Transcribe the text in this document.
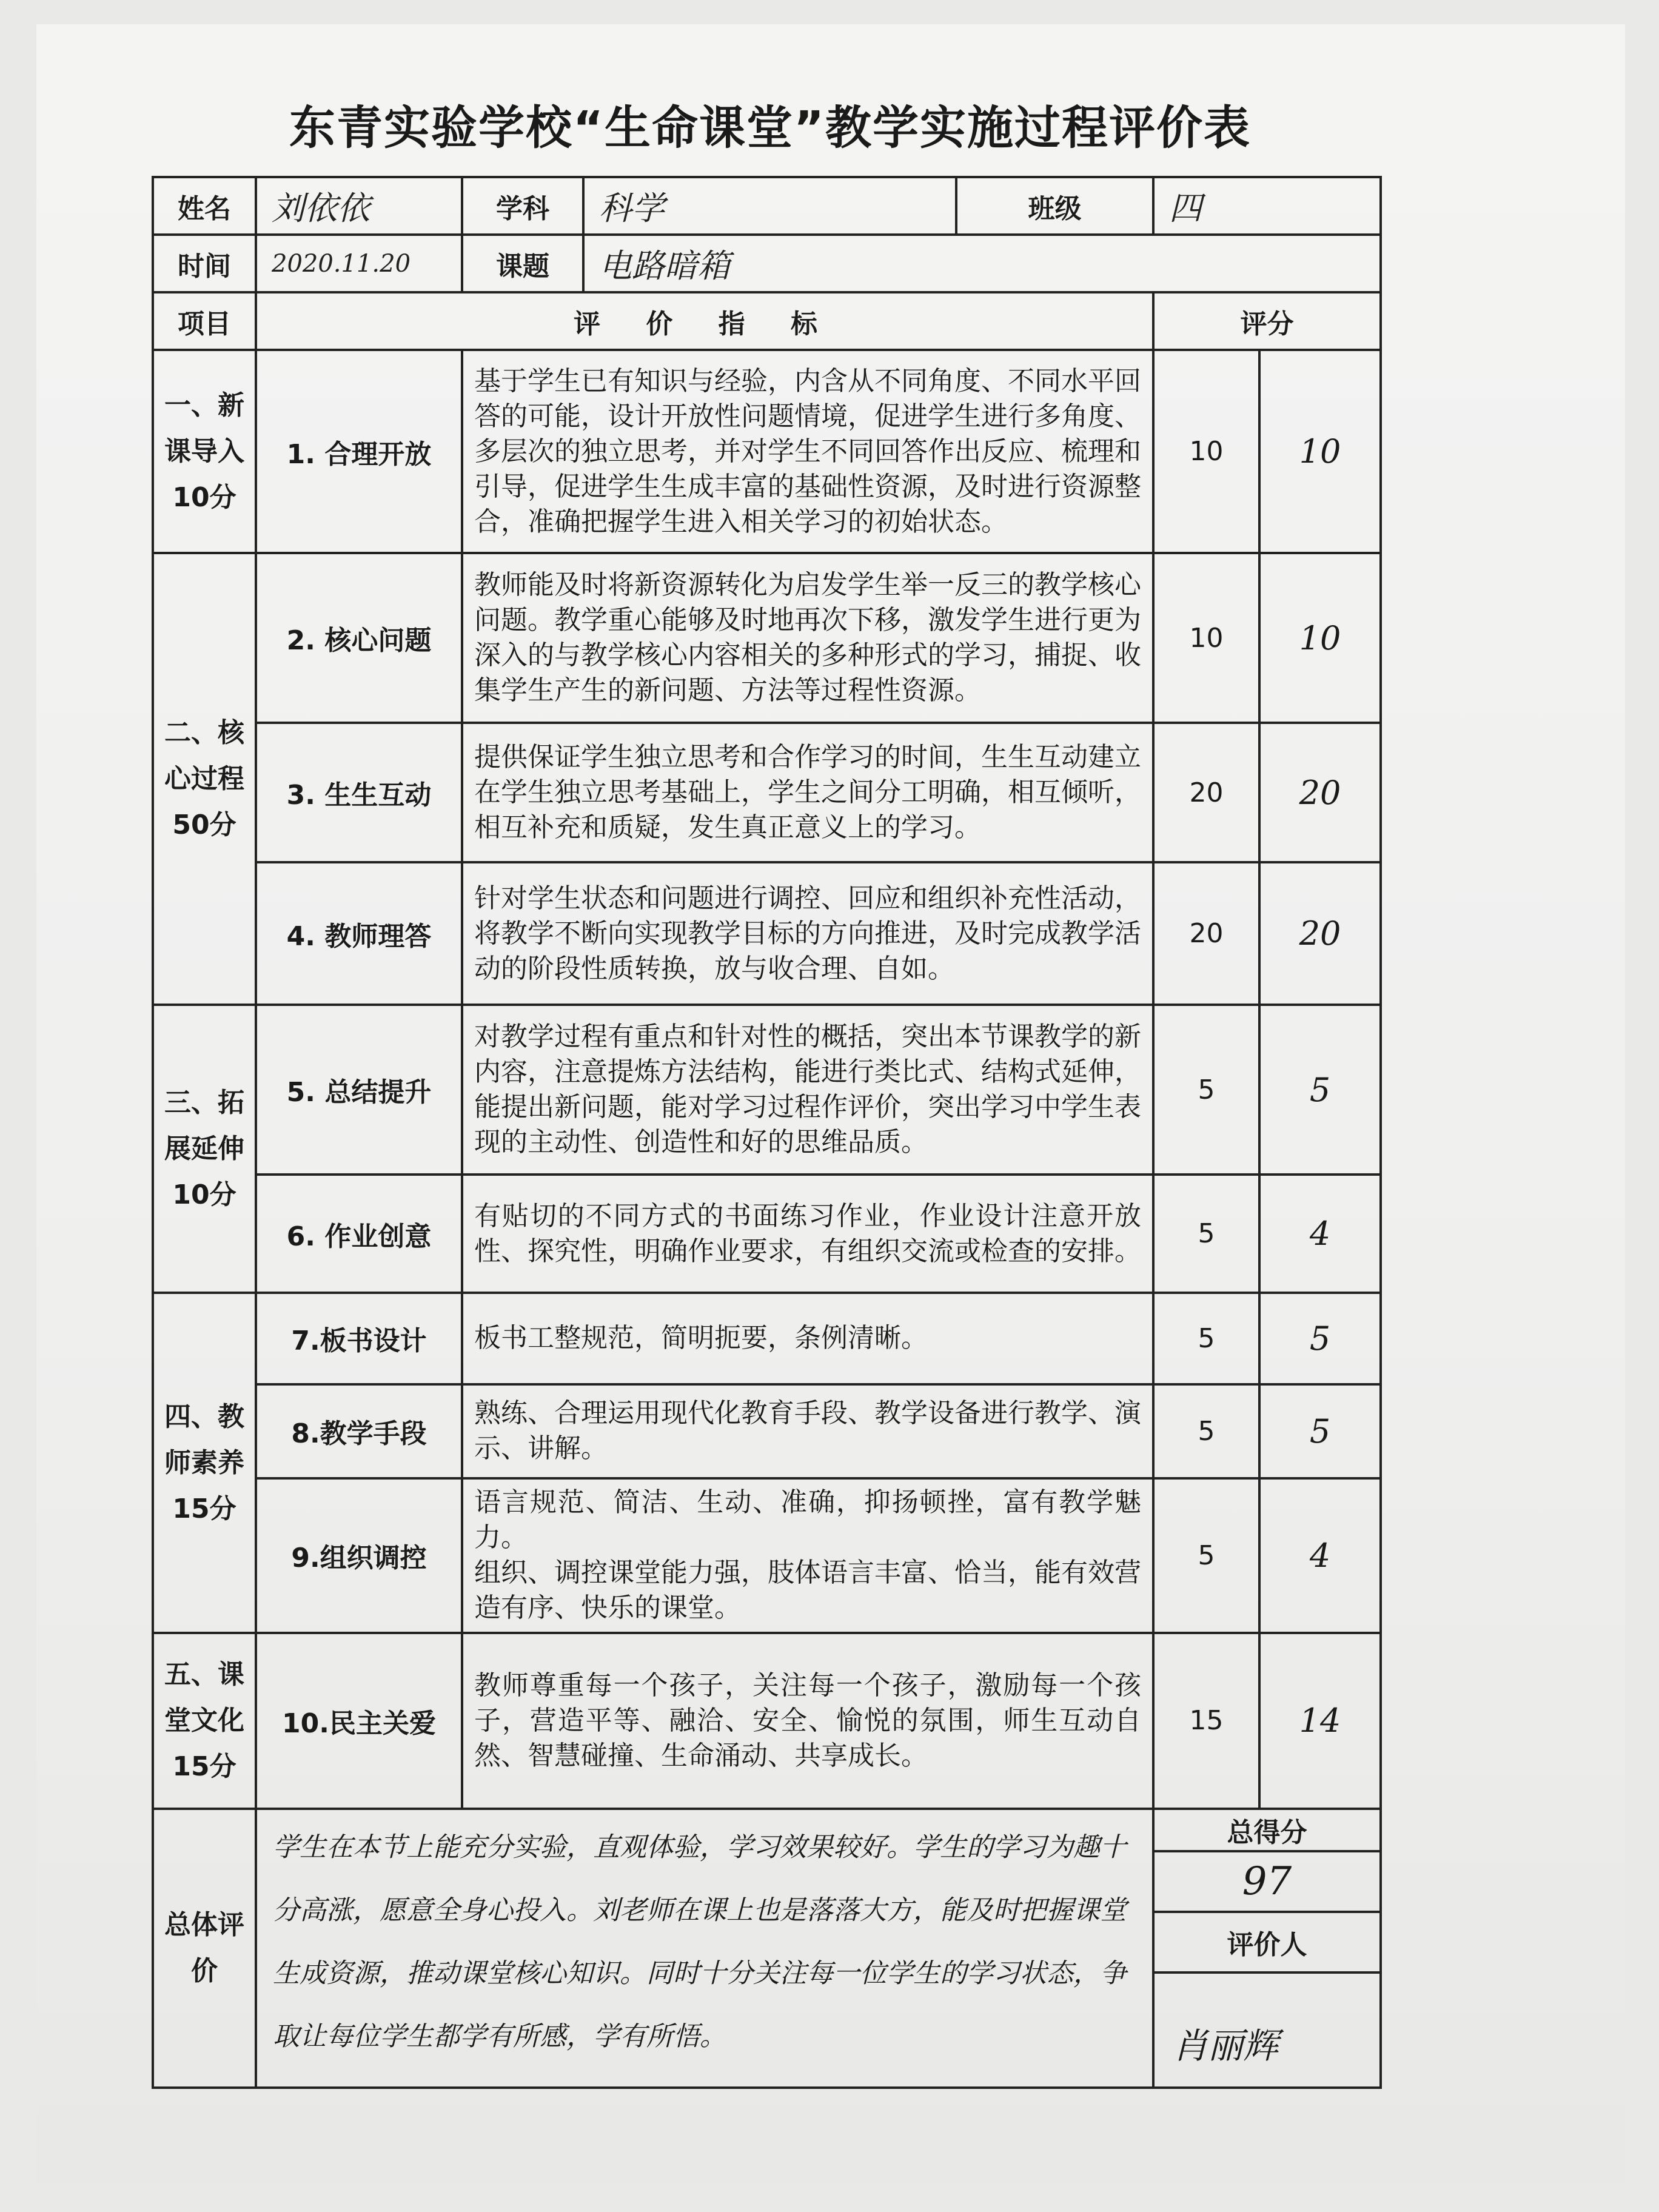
东青实验学校“生命课堂”教学实施过程评价表
姓名	刘依依	学科	科学	班级	四	
时间	2020.11.20	课题	电路暗箱			
项目	评 价 指 标				评分	
一、新课导入10分	1. 合理开放	基于学生已有知识与经验，内含从不同角度、不同水平回答的可能，设计开放性问题情境，促进学生进行多角度、多层次的独立思考，并对学生不同回答作出反应、梳理和引导，促进学生生成丰富的基础性资源，及时进行资源整合，准确把握学生进入相关学习的初始状态。			10	10
二、核心过程50分	2. 核心问题	教师能及时将新资源转化为启发学生举一反三的教学核心问题。教学重心能够及时地再次下移，激发学生进行更为深入的与教学核心内容相关的多种形式的学习，捕捉、收集学生产生的新问题、方法等过程性资源。			10	10
	3. 生生互动	提供保证学生独立思考和合作学习的时间，生生互动建立在学生独立思考基础上，学生之间分工明确，相互倾听，相互补充和质疑，发生真正意义上的学习。			20	20
	4. 教师理答	针对学生状态和问题进行调控、回应和组织补充性活动，将教学不断向实现教学目标的方向推进，及时完成教学活动的阶段性质转换，放与收合理、自如。			20	20
三、拓展延伸10分	5. 总结提升	对教学过程有重点和针对性的概括，突出本节课教学的新内容，注意提炼方法结构，能进行类比式、结构式延伸，能提出新问题，能对学习过程作评价，突出学习中学生表现的主动性、创造性和好的思维品质。			5	5
	6. 作业创意	有贴切的不同方式的书面练习作业，作业设计注意开放性、探究性，明确作业要求，有组织交流或检查的安排。			5	4
四、教师素养15分	7.板书设计	板书工整规范，简明扼要，条例清晰。			5	5
	8.教学手段	熟练、合理运用现代化教育手段、教学设备进行教学、演示、讲解。			5	5
	9.组织调控	语言规范、简洁、生动、准确，抑扬顿挫，富有教学魅力。
组织、调控课堂能力强，肢体语言丰富、恰当，能有效营造有序、快乐的课堂。			5	4
五、课堂文化15分	10.民主关爱	教师尊重每一个孩子，关注每一个孩子，激励每一个孩子，营造平等、融洽、安全、愉悦的氛围，师生互动自然、智慧碰撞、生命涌动、共享成长。			15	14
总体评价	学生在本节上能充分实验，直观体验，学习效果较好。学生的学习为趣十分高涨，愿意全身心投入。刘老师在课上也是落落大方，能及时把握课堂生成资源，推动课堂核心知识。同时十分关注每一位学生的学习状态，争取让每位学生都学有所感，学有所悟。				总得分	
					97	
					评价人	
					肖丽辉	
